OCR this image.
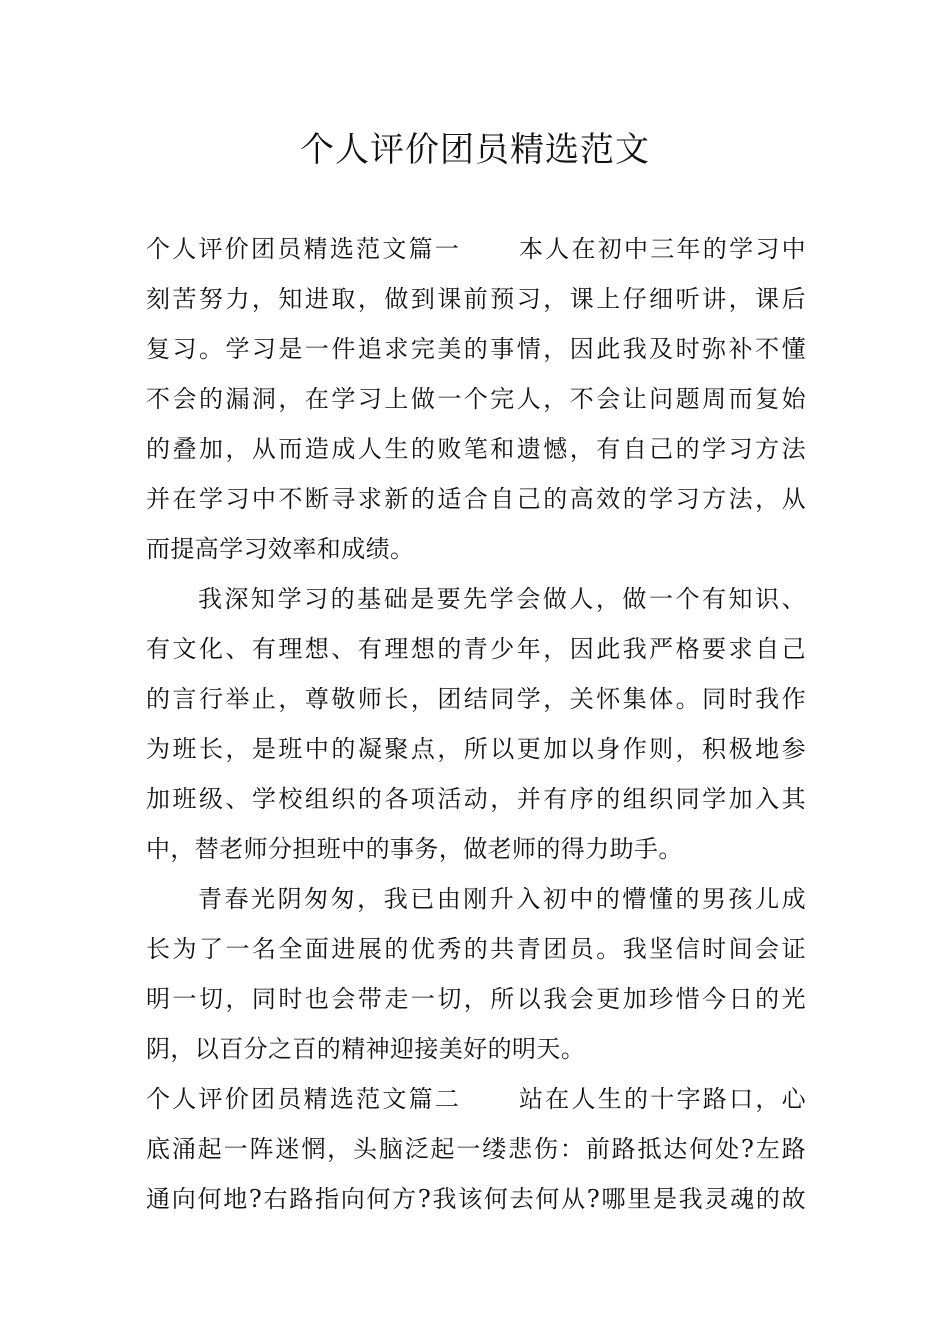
个人评价团员精选范文
个人评价团员精选范文篇一 本人在初中三年的学习中
刻苦努力，知进取，做到课前预习，课上仔细听讲，课后
复习。学习是一件追求完美的事情，因此我及时弥补不懂
不会的漏洞，在学习上做一个完人，不会让问题周而复始
的叠加，从而造成人生的败笔和遗憾，有自己的学习方法
并在学习中不断寻求新的适合自己的高效的学习方法，从
而提高学习效率和成绩。
我深知学习的基础是要先学会做人，做一个有知识、
有文化、有理想、有理想的青少年，因此我严格要求自己
的言行举止，尊敬师长，团结同学，关怀集体。同时我作
为班长，是班中的凝聚点，所以更加以身作则，积极地参
加班级、学校组织的各项活动，并有序的组织同学加入其
中，替老师分担班中的事务，做老师的得力助手。
青春光阴匆匆，我已由刚升入初中的懵懂的男孩儿成
长为了一名全面进展的优秀的共青团员。我坚信时间会证
明一切，同时也会带走一切，所以我会更加珍惜今日的光
阴，以百分之百的精神迎接美好的明天。
个人评价团员精选范文篇二 站在人生的十字路口，心
底涌起一阵迷惘，头脑泛起一缕悲伤：前路抵达何处?左路
通向何地?右路指向何方?我该何去何从?哪里是我灵魂的故
